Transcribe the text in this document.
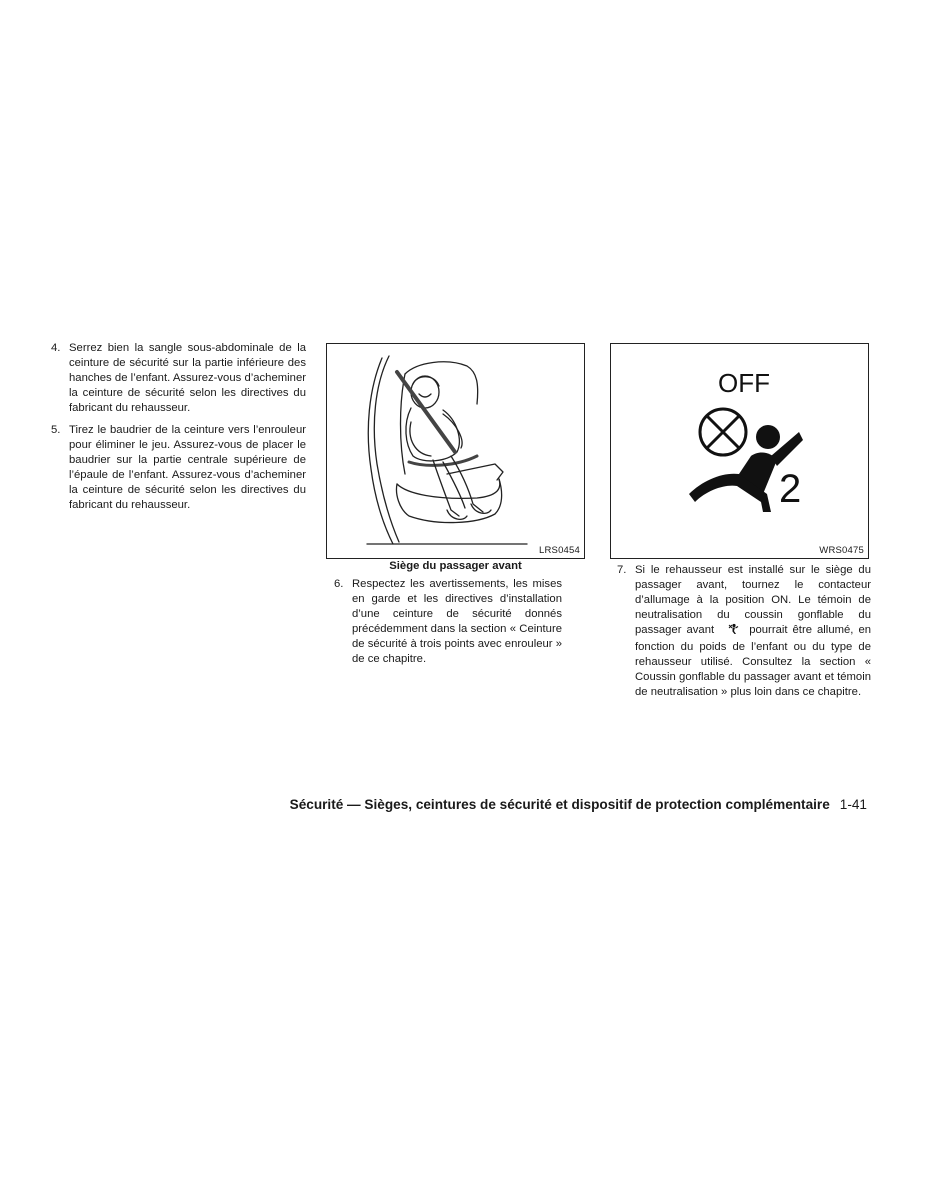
4. Serrez bien la sangle sous-abdominale de la ceinture de sécurité sur la partie inférieure des hanches de l’enfant. Assurez-vous d’acheminer la ceinture de sécurité selon les directives du fabricant du rehausseur.
5. Tirez le baudrier de la ceinture vers l’enrouleur pour éliminer le jeu. Assurez-vous de placer le baudrier sur la partie centrale supérieure de l’épaule de l’enfant. Assurez-vous d’acheminer la ceinture de sécurité selon les directives du fabricant du rehausseur.
LRS0454
Siège du passager avant
6. Respectez les avertissements, les mises en garde et les directives d’installation d’une ceinture de sécurité donnés précédemment dans la section « Ceinture de sécurité à trois points avec enrouleur » de ce chapitre.
OFF
2
WRS0475
7. Si le rehausseur est installé sur le siège du passager avant, tournez le contacteur d’allumage à la position ON. Le témoin de neutralisation du coussin gonflable du passager avant	pourrait être allumé, en fonction du poids de l’enfant ou du type de rehausseur utilisé. Consultez la section « Coussin gonflable du passager avant et témoin de neutralisation » plus loin dans ce chapitre.
Sécurité — Sièges, ceintures de sécurité et dispositif de protection complémentaire 1-41
